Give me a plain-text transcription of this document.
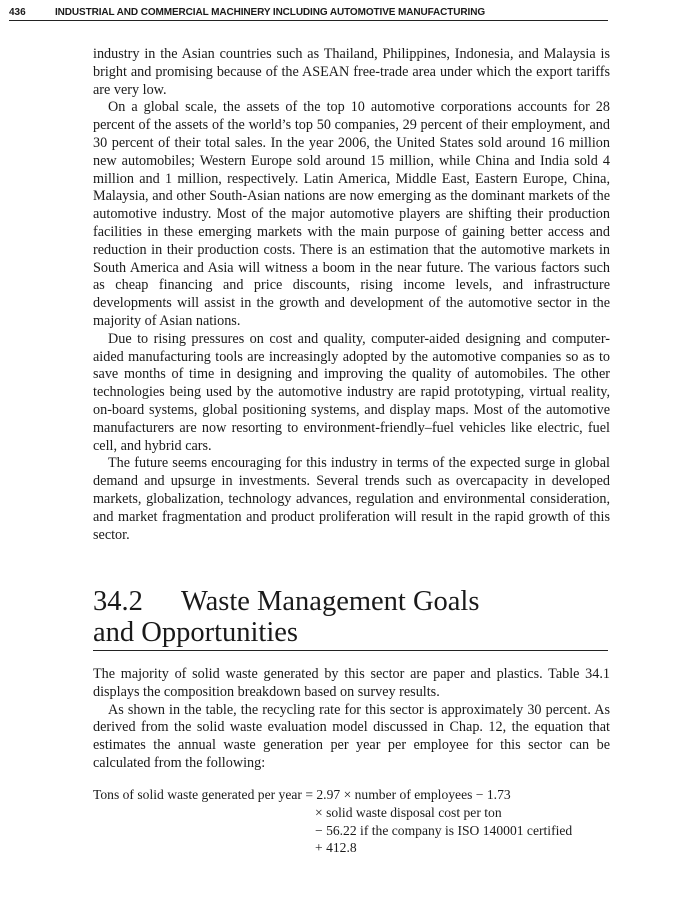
436	INDUSTRIAL AND COMMERCIAL MACHINERY INCLUDING AUTOMOTIVE MANUFACTURING

industry in the Asian countries such as Thailand, Philippines, Indonesia, and Malaysia is bright and promising because of the ASEAN free-trade area under which the export tariffs are very low.

On a global scale, the assets of the top 10 automotive corporations accounts for 28 percent of the assets of the world’s top 50 companies, 29 percent of their employment, and 30 percent of their total sales. In the year 2006, the United States sold around 16 million new automobiles; Western Europe sold around 15 million, while China and India sold 4 million and 1 million, respectively. Latin America, Middle East, Eastern Europe, China, Malaysia, and other South-Asian nations are now emerging as the dominant markets of the automotive industry. Most of the major automotive players are shifting their production facilities in these emerging markets with the main purpose of gaining better access and reduction in their production costs. There is an estimation that the automotive markets in South America and Asia will witness a boom in the near future. The various factors such as cheap financing and price discounts, rising income levels, and infrastructure developments will assist in the growth and development of the automotive sector in the majority of Asian nations.

Due to rising pressures on cost and quality, computer-aided designing and computer-aided manufacturing tools are increasingly adopted by the automotive companies so as to save months of time in designing and improving the quality of automobiles. The other technologies being used by the automotive industry are rapid prototyping, virtual reality, on-board systems, global positioning systems, and display maps. Most of the automotive manufacturers are now resorting to environment-friendly–fuel vehicles like electric, fuel cell, and hybrid cars.

The future seems encouraging for this industry in terms of the expected surge in global demand and upsurge in investments. Several trends such as overcapacity in developed markets, globalization, technology advances, regulation and environmental consideration, and market fragmentation and product proliferation will result in the rapid growth of this sector.

34.2 Waste Management Goals
and Opportunities

The majority of solid waste generated by this sector are paper and plastics. Table 34.1 displays the composition breakdown based on survey results.

As shown in the table, the recycling rate for this sector is approximately 30 percent. As derived from the solid waste evaluation model discussed in Chap. 12, the equation that estimates the annual waste generation per year per employee for this sector can be calculated from the following:

Tons of solid waste generated per year = 2.97 × number of employees − 1.73
× solid waste disposal cost per ton
− 56.22 if the company is ISO 140001 certified
+ 412.8
